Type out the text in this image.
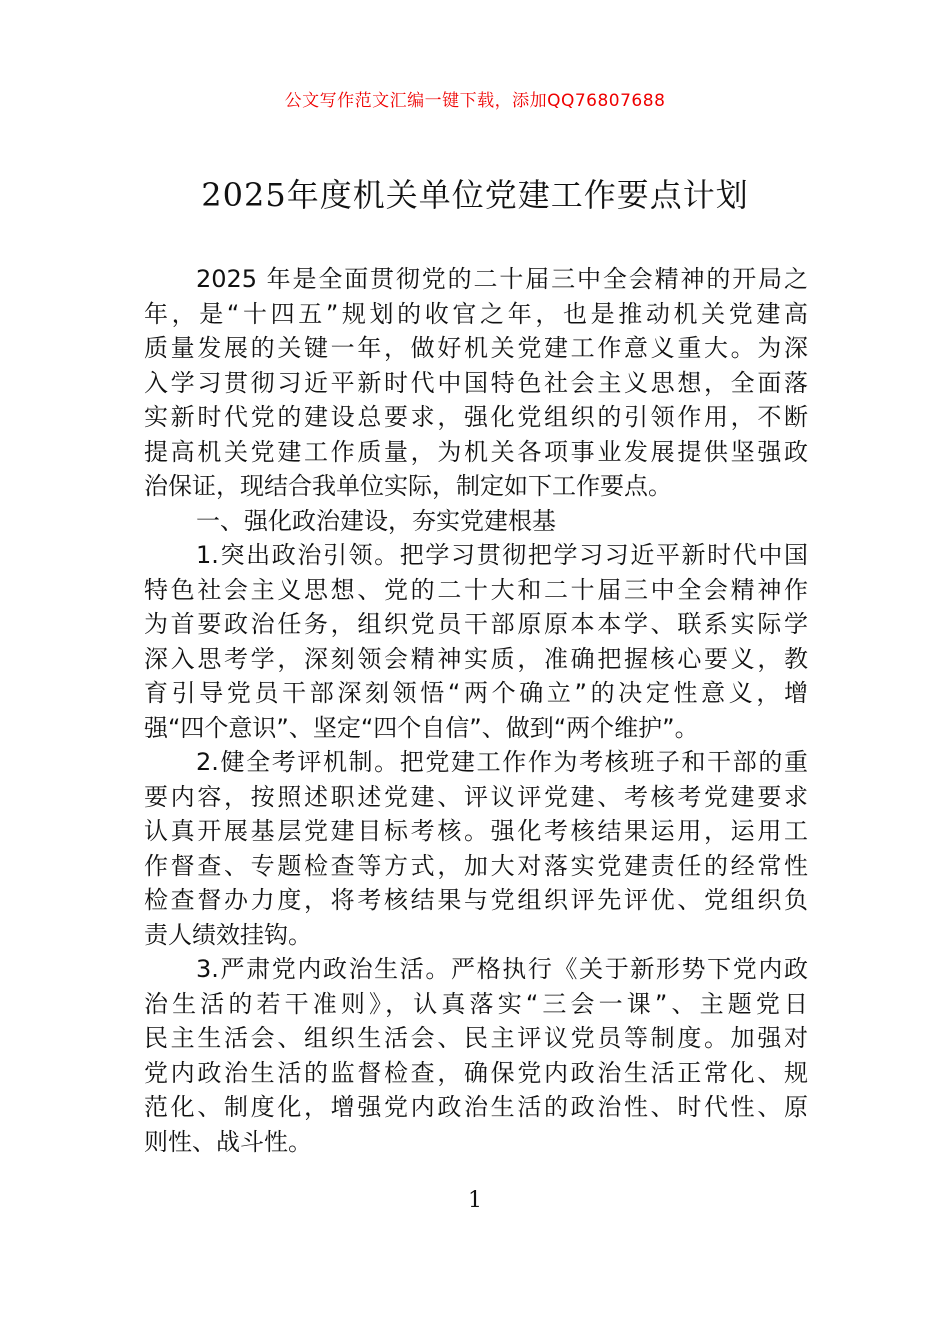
公文写作范文汇编一键下载，添加QQ76807688
2025年度机关单位党建工作要点计划
2025 年是全面贯彻党的二十届三中全会精神的开局之
年，是“十四五”规划的收官之年，也是推动机关党建高
质量发展的关键一年，做好机关党建工作意义重大。为深
入学习贯彻习近平新时代中国特色社会主义思想，全面落
实新时代党的建设总要求，强化党组织的引领作用，不断
提高机关党建工作质量，为机关各项事业发展提供坚强政
治保证，现结合我单位实际，制定如下工作要点。
一、强化政治建设，夯实党建根基
1.突出政治引领。把学习贯彻把学习习近平新时代中国
特色社会主义思想、党的二十大和二十届三中全会精神作
为首要政治任务，组织党员干部原原本本学、联系实际学
深入思考学，深刻领会精神实质，准确把握核心要义，教
育引导党员干部深刻领悟“两个确立”的决定性意义，增
强“四个意识”、坚定“四个自信”、做到“两个维护”。
2.健全考评机制。把党建工作作为考核班子和干部的重
要内容，按照述职述党建、评议评党建、考核考党建要求
认真开展基层党建目标考核。强化考核结果运用，运用工
作督查、专题检查等方式，加大对落实党建责任的经常性
检查督办力度，将考核结果与党组织评先评优、党组织负
责人绩效挂钩。
3.严肃党内政治生活。严格执行《关于新形势下党内政
治生活的若干准则》，认真落实“三会一课”、主题党日
民主生活会、组织生活会、民主评议党员等制度。加强对
党内政治生活的监督检查，确保党内政治生活正常化、规
范化、制度化，增强党内政治生活的政治性、时代性、原
则性、战斗性。
1
